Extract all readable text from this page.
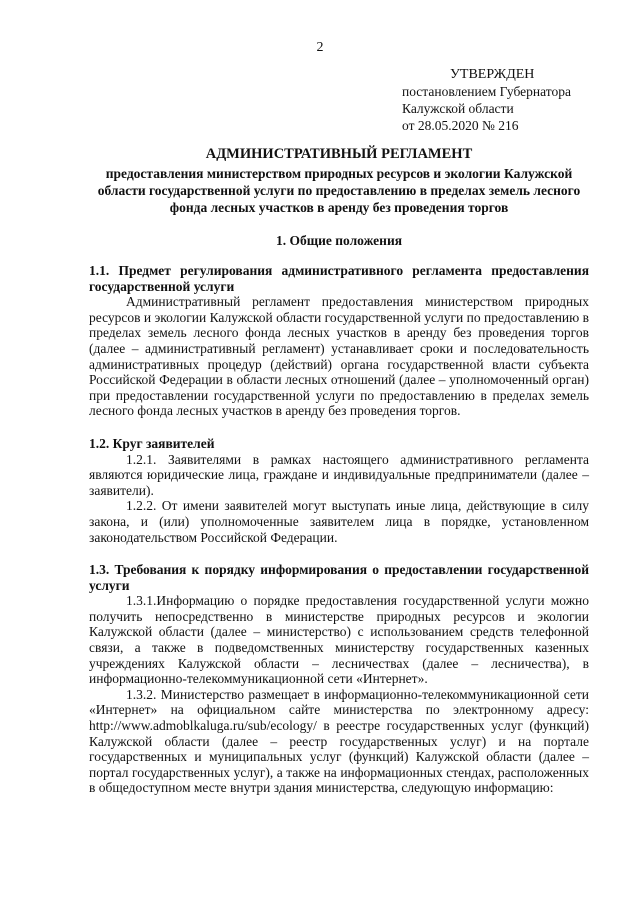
2
УТВЕРЖДЕН
постановлением Губернатора
Калужской области
от 28.05.2020 № 216
АДМИНИСТРАТИВНЫЙ РЕГЛАМЕНТ
предоставления министерством природных ресурсов и экологии Калужской области государственной услуги по предоставлению в пределах земель лесного фонда лесных участков в аренду без проведения торгов
1. Общие положения
1.1. Предмет регулирования административного регламента предоставления государственной услуги

Административный регламент предоставления министерством природных ресурсов и экологии Калужской области государственной услуги по предоставлению в пределах земель лесного фонда лесных участков в аренду без проведения торгов (далее – административный регламент) устанавливает сроки и последовательность административных процедур (действий) органа государственной власти субъекта Российской Федерации в области лесных отношений (далее – уполномоченный орган) при предоставлении государственной услуги по предоставлению в пределах земель лесного фонда лесных участков в аренду без проведения торгов.

1.2. Круг заявителей

1.2.1. Заявителями в рамках настоящего административного регламента являются юридические лица, граждане и индивидуальные предприниматели (далее – заявители).

1.2.2. От имени заявителей могут выступать иные лица, действующие в силу закона, и (или) уполномоченные заявителем лица в порядке, установленном законодательством Российской Федерации.

1.3. Требования к порядку информирования о предоставлении государственной услуги

1.3.1.Информацию о порядке предоставления государственной услуги можно получить непосредственно в министерстве природных ресурсов и экологии Калужской области (далее – министерство) с использованием средств телефонной связи, а также в подведомственных министерству государственных казенных учреждениях Калужской области – лесничествах (далее – лесничества), в информационно-телекоммуникационной сети «Интернет».

1.3.2. Министерство размещает в информационно-телекоммуникационной сети «Интернет» на официальном сайте министерства по электронному адресу: http://www.admoblkaluga.ru/sub/ecology/ в реестре государственных услуг (функций) Калужской области (далее – реестр государственных услуг) и на портале государственных и муниципальных услуг (функций) Калужской области (далее – портал государственных услуг), а также на информационных стендах, расположенных в общедоступном месте внутри здания министерства, следующую информацию:
